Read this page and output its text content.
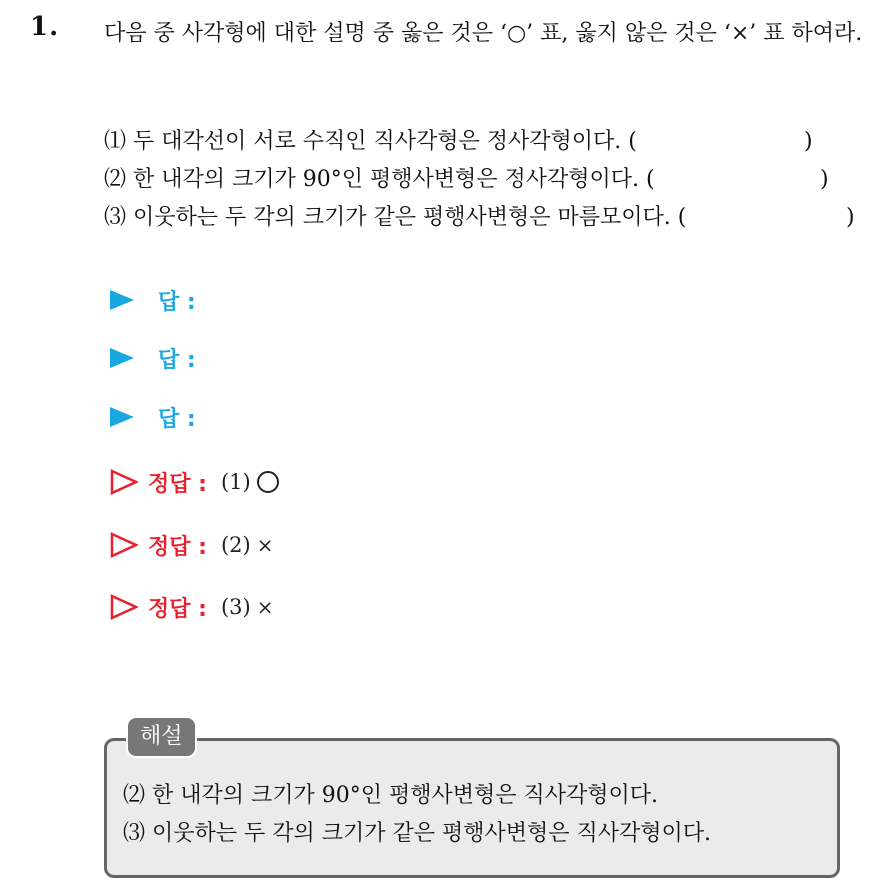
1. 다음 중 사각형에 대한 설명 중 옳은 것은 ‘○’ 표, 옳지 않은 것은 ‘×’ 표 하여라.
⑴ 두 대각선이 서로 수직인 직사각형은 정사각형이다. (	)
⑵ 한 내각의 크기가 90°인 평행사변형은 정사각형이다. (	)
⑶ 이웃하는 두 각의 크기가 같은 평행사변형은 마름모이다. (	)
답 :
답 :
답 :
정답 : (1)
정답 : (2) ×
정답 : (3) ×
⑵ 한 내각의 크기가 90°인 평행사변형은 직사각형이다.
⑶ 이웃하는 두 각의 크기가 같은 평행사변형은 직사각형이다.
해설
